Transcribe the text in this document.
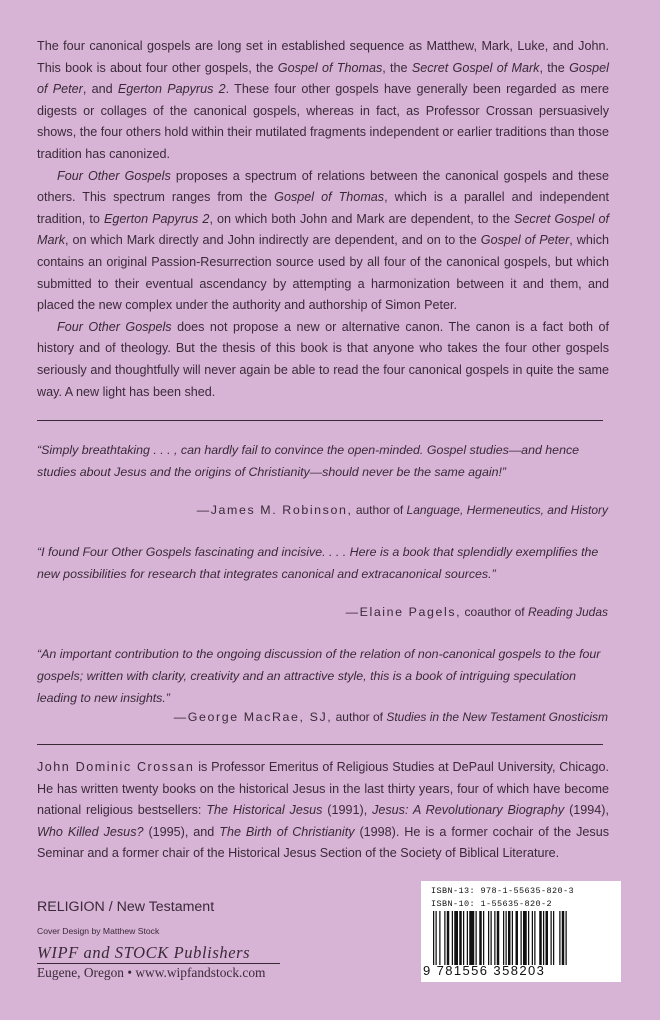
The four canonical gospels are long set in established sequence as Matthew, Mark, Luke, and John. This book is about four other gospels, the Gospel of Thomas, the Secret Gospel of Mark, the Gospel of Peter, and Egerton Papyrus 2. These four other gospels have generally been regarded as mere digests or collages of the canonical gospels, whereas in fact, as Professor Crossan persuasively shows, the four others hold within their mutilated fragments independent or earlier traditions than those tradition has canonized.

Four Other Gospels proposes a spectrum of relations between the canonical gospels and these others. This spectrum ranges from the Gospel of Thomas, which is a parallel and independent tradition, to Egerton Papyrus 2, on which both John and Mark are dependent, to the Secret Gospel of Mark, on which Mark directly and John indirectly are dependent, and on to the Gospel of Peter, which contains an original Passion-Resurrection source used by all four of the canonical gospels, but which submitted to their eventual ascendancy by attempting a harmonization between it and them, and placed the new complex under the authority and authorship of Simon Peter.

Four Other Gospels does not propose a new or alternative canon. The canon is a fact both of history and of theology. But the thesis of this book is that anyone who takes the four other gospels seriously and thoughtfully will never again be able to read the four canonical gospels in quite the same way. A new light has been shed.

“Simply breathtaking . . . , can hardly fail to convince the open-minded. Gospel studies—and hence studies about Jesus and the origins of Christianity—should never be the same again!”

—James M. Robinson, author of Language, Hermeneutics, and History

“I found Four Other Gospels fascinating and incisive. . . . Here is a book that splendidly exemplifies the new possibilities for research that integrates canonical and extracanonical sources.”

—Elaine Pagels, coauthor of Reading Judas

“An important contribution to the ongoing discussion of the relation of non-canonical gospels to the four gospels; written with clarity, creativity and an attractive style, this is a book of intriguing speculation leading to new insights.”

—George MacRae, SJ, author of Studies in the New Testament Gnosticism
John Dominic Crossan is Professor Emeritus of Religious Studies at DePaul University, Chicago. He has written twenty books on the historical Jesus in the last thirty years, four of which have become national religious bestsellers: The Historical Jesus (1991), Jesus: A Revolutionary Biography (1994), Who Killed Jesus? (1995), and The Birth of Christianity (1998). He is a former cochair of the Jesus Seminar and a former chair of the Historical Jesus Section of the Society of Biblical Literature.
RELIGION / New Testament
Cover Design by Matthew Stock
WIPF and STOCK Publishers
Eugene, Oregon • www.wipfandstock.com
ISBN-13: 978-1-55635-820-3
ISBN-10: 1-55635-820-2
9 781556 358203
